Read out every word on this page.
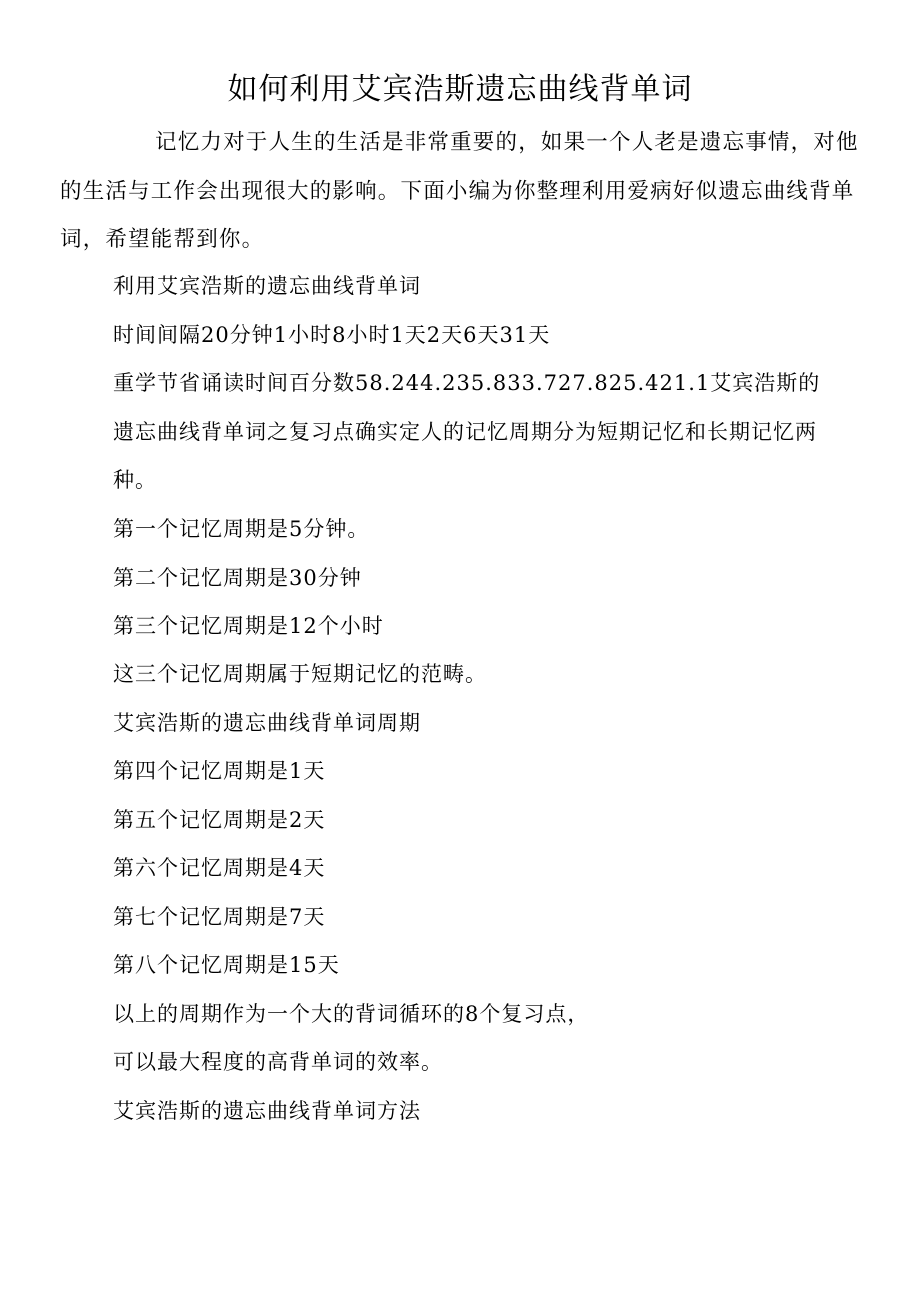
如何利用艾宾浩斯遗忘曲线背单词

记忆力对于人生的生活是非常重要的，如果一个人老是遗忘事情，对他的生活与工作会出现很大的影响。下面小编为你整理利用爱病好似遗忘曲线背单词，希望能帮到你。

利用艾宾浩斯的遗忘曲线背单词
时间间隔20分钟1小时8小时1天2天6天31天
重学节省诵读时间百分数58.244.235.833.727.825.421.1艾宾浩斯的遗忘曲线背单词之复习点确实定人的记忆周期分为短期记忆和长期记忆两种。
第一个记忆周期是5分钟。
第二个记忆周期是30分钟
第三个记忆周期是12个小时
这三个记忆周期属于短期记忆的范畴。
艾宾浩斯的遗忘曲线背单词周期
第四个记忆周期是1天
第五个记忆周期是2天
第六个记忆周期是4天
第七个记忆周期是7天
第八个记忆周期是15天
以上的周期作为一个大的背词循环的8个复习点，
可以最大程度的高背单词的效率。
艾宾浩斯的遗忘曲线背单词方法
